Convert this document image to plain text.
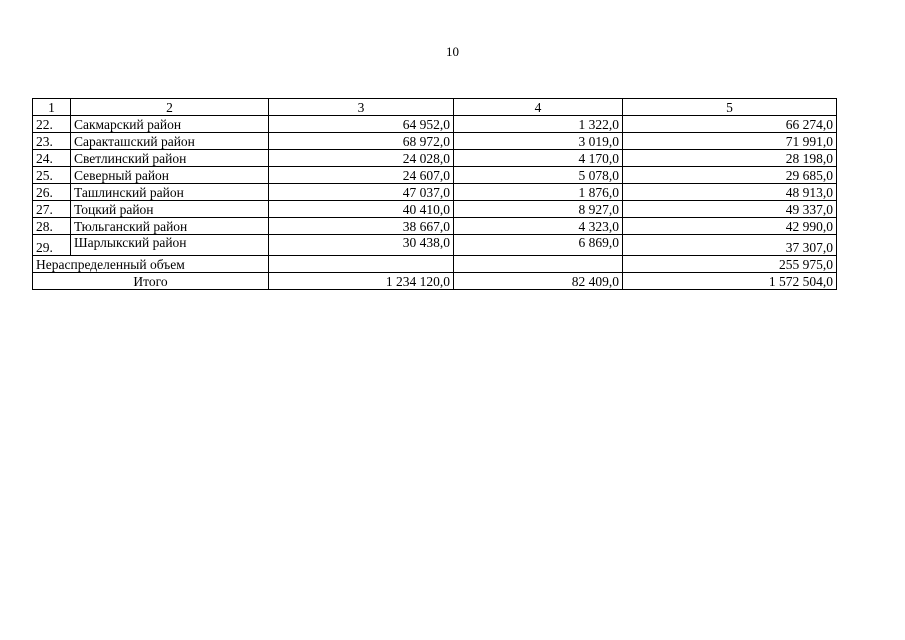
10
1	2	3	4	5
22.	Сакмарский район	64 952,0	1 322,0	66 274,0
23.	Саракташский район	68 972,0	3 019,0	71 991,0
24.	Светлинский район	24 028,0	4 170,0	28 198,0
25.	Северный район	24 607,0	5 078,0	29 685,0
26.	Ташлинский район	47 037,0	1 876,0	48 913,0
27.	Тоцкий район	40 410,0	8 927,0	49 337,0
28.	Тюльганский район	38 667,0	4 323,0	42 990,0
29.	Шарлыкский район	30 438,0	6 869,0	37 307,0
Нераспределенный объем				255 975,0
Итого		1 234 120,0	82 409,0	1 572 504,0
